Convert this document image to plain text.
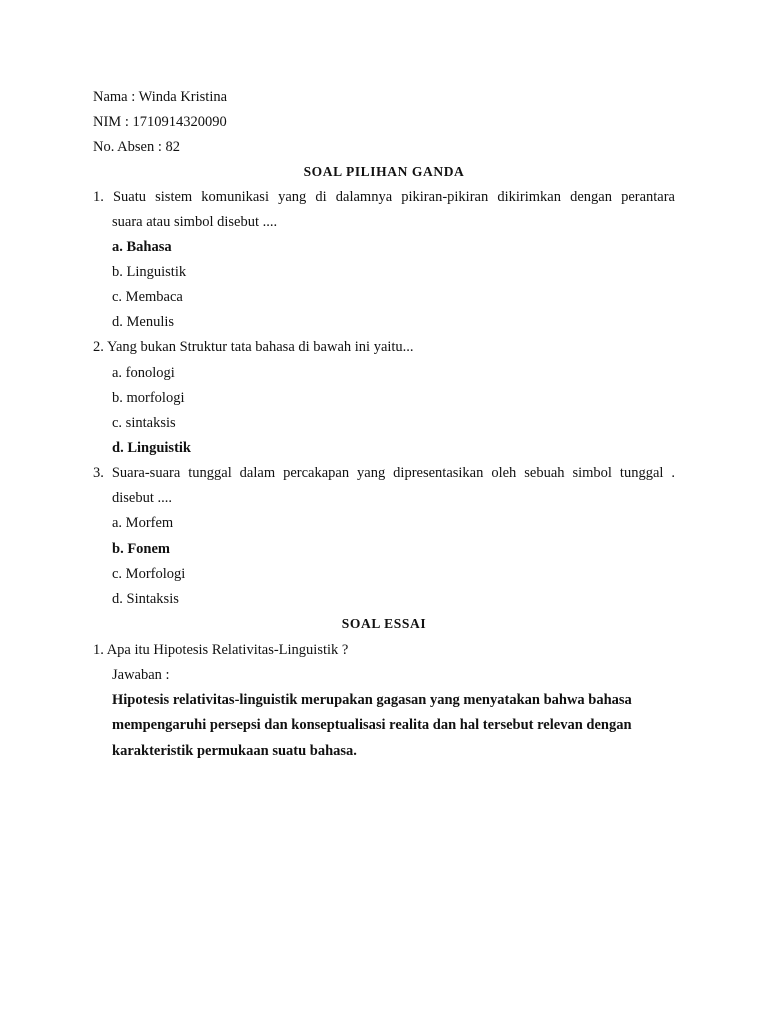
Nama : Winda Kristina
NIM : 1710914320090
No. Absen : 82
SOAL PILIHAN GANDA
1. Suatu sistem komunikasi yang di dalamnya pikiran-pikiran dikirimkan dengan perantara
suara atau simbol disebut ....
a. Bahasa
b. Linguistik
c. Membaca
d. Menulis
2. Yang bukan Struktur tata bahasa di bawah ini yaitu...
a. fonologi
b. morfologi
c. sintaksis
d. Linguistik
3. Suara-suara tunggal dalam percakapan yang dipresentasikan oleh sebuah simbol tunggal .
disebut ....
a. Morfem
b. Fonem
c. Morfologi
d. Sintaksis
SOAL ESSAI
1. Apa itu Hipotesis Relativitas-Linguistik ?
Jawaban :
Hipotesis relativitas-linguistik merupakan gagasan yang menyatakan bahwa bahasa
mempengaruhi persepsi dan konseptualisasi realita dan hal tersebut relevan dengan
karakteristik permukaan suatu bahasa.
